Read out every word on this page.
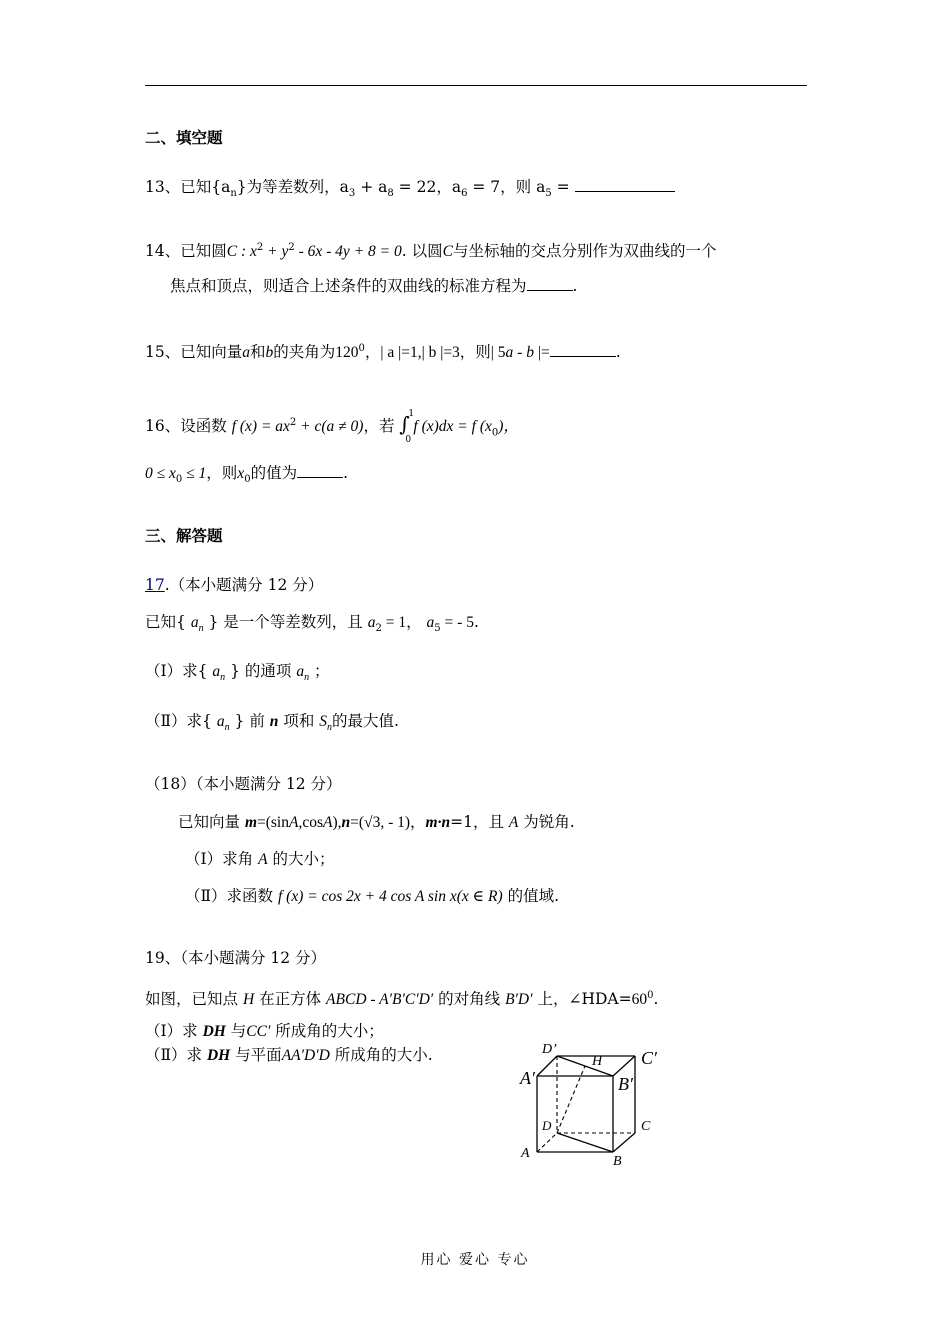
二、填空题
13、已知$\{a_n\}$为等差数列，$a_3 + a_8 = 22$，$a_6 = 7$，则 $a_5$ =
14、已知圆C : $x^2 + y^2 - 6x - 4y + 8 = 0$. 以圆C与坐标轴的交点分别作为双曲线的一个
焦点和顶点，则适合上述条件的双曲线的标准方程为	.
15、已知向量a和b的夹角为$120^0$，| a |=1,| b |=3，则| 5a - b |=	.
16、设函数 f $(x) = ax^2 + c(a \ne 0)$，若 ∫
1
0
f (x)dx = f $(x_0)$，
$0 \le x_0 \le 1$，则$x_0$的值为	.
三、解答题
17.（本小题满分 12 分）
已知{ $a_n$ } 是一个等差数列，且 $a_2 = 1$， $a_5$ = - 5.
（Ⅰ）求{ $a_n$ } 的通项 $a_n$ ；
（Ⅱ）求{ $a_n$ } 前 n 项和 $S_n$的最大值.
（18）（本小题满分 12 分）
已知向量 m=(sinA,cosA),n=(√3, - 1)，m·n=1，且 A 为锐角.
（Ⅰ）求角 A 的大小；
（Ⅱ）求函数 f (x) = cos 2x + 4 cos A sin x(x ∈ R) 的值域.
19、（本小题满分 12 分）
如图，已知点 H 在正方体 ABCD - A′B′C′D′ 的对角线 B′D′ 上，$\angle HDA=60^0$.
（Ⅰ）求 DH 与CC′ 所成角的大小；
（Ⅱ）求 DH 与平面AA′D′D 所成角的大小.	D’
H C′
A′	B′
D	C
A
B
用心 爱心 专心
